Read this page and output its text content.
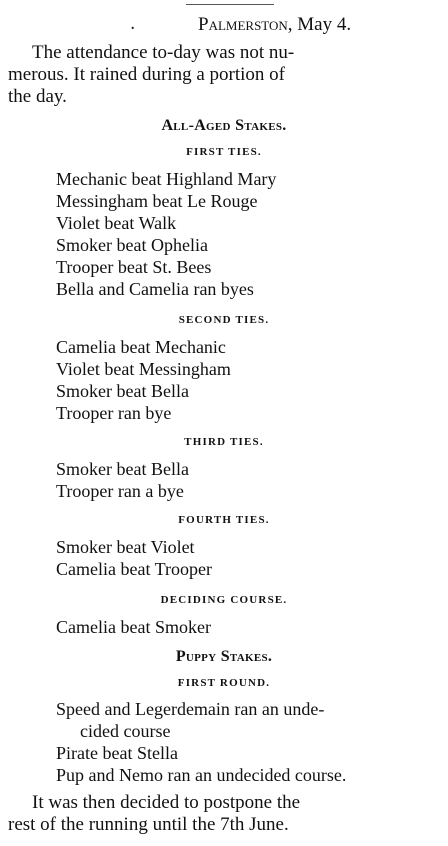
.	Palmerston, May 4.
The attendance to-day was not nu-
merous. It rained during a portion of
the day.
All-Aged Stakes.
FIRST TIES.
Mechanic beat Highland Mary
Messingham beat Le Rouge
Violet beat Walk
Smoker beat Ophelia
Trooper beat St. Bees
Bella and Camelia ran byes
SECOND TIES.
Camelia beat Mechanic
Violet beat Messingham
Smoker beat Bella
Trooper ran bye
THIRD TIES.
Smoker beat Bella
Trooper ran a bye
FOURTH TIES.
Smoker beat Violet
Camelia beat Trooper
DECIDING COURSE.
Camelia beat Smoker
Puppy Stakes.
FIRST ROUND.
Speed and Legerdemain ran an unde-
cided course
Pirate beat Stella
Pup and Nemo ran an undecided course.
It was then decided to postpone the
rest of the running until the 7th June.
